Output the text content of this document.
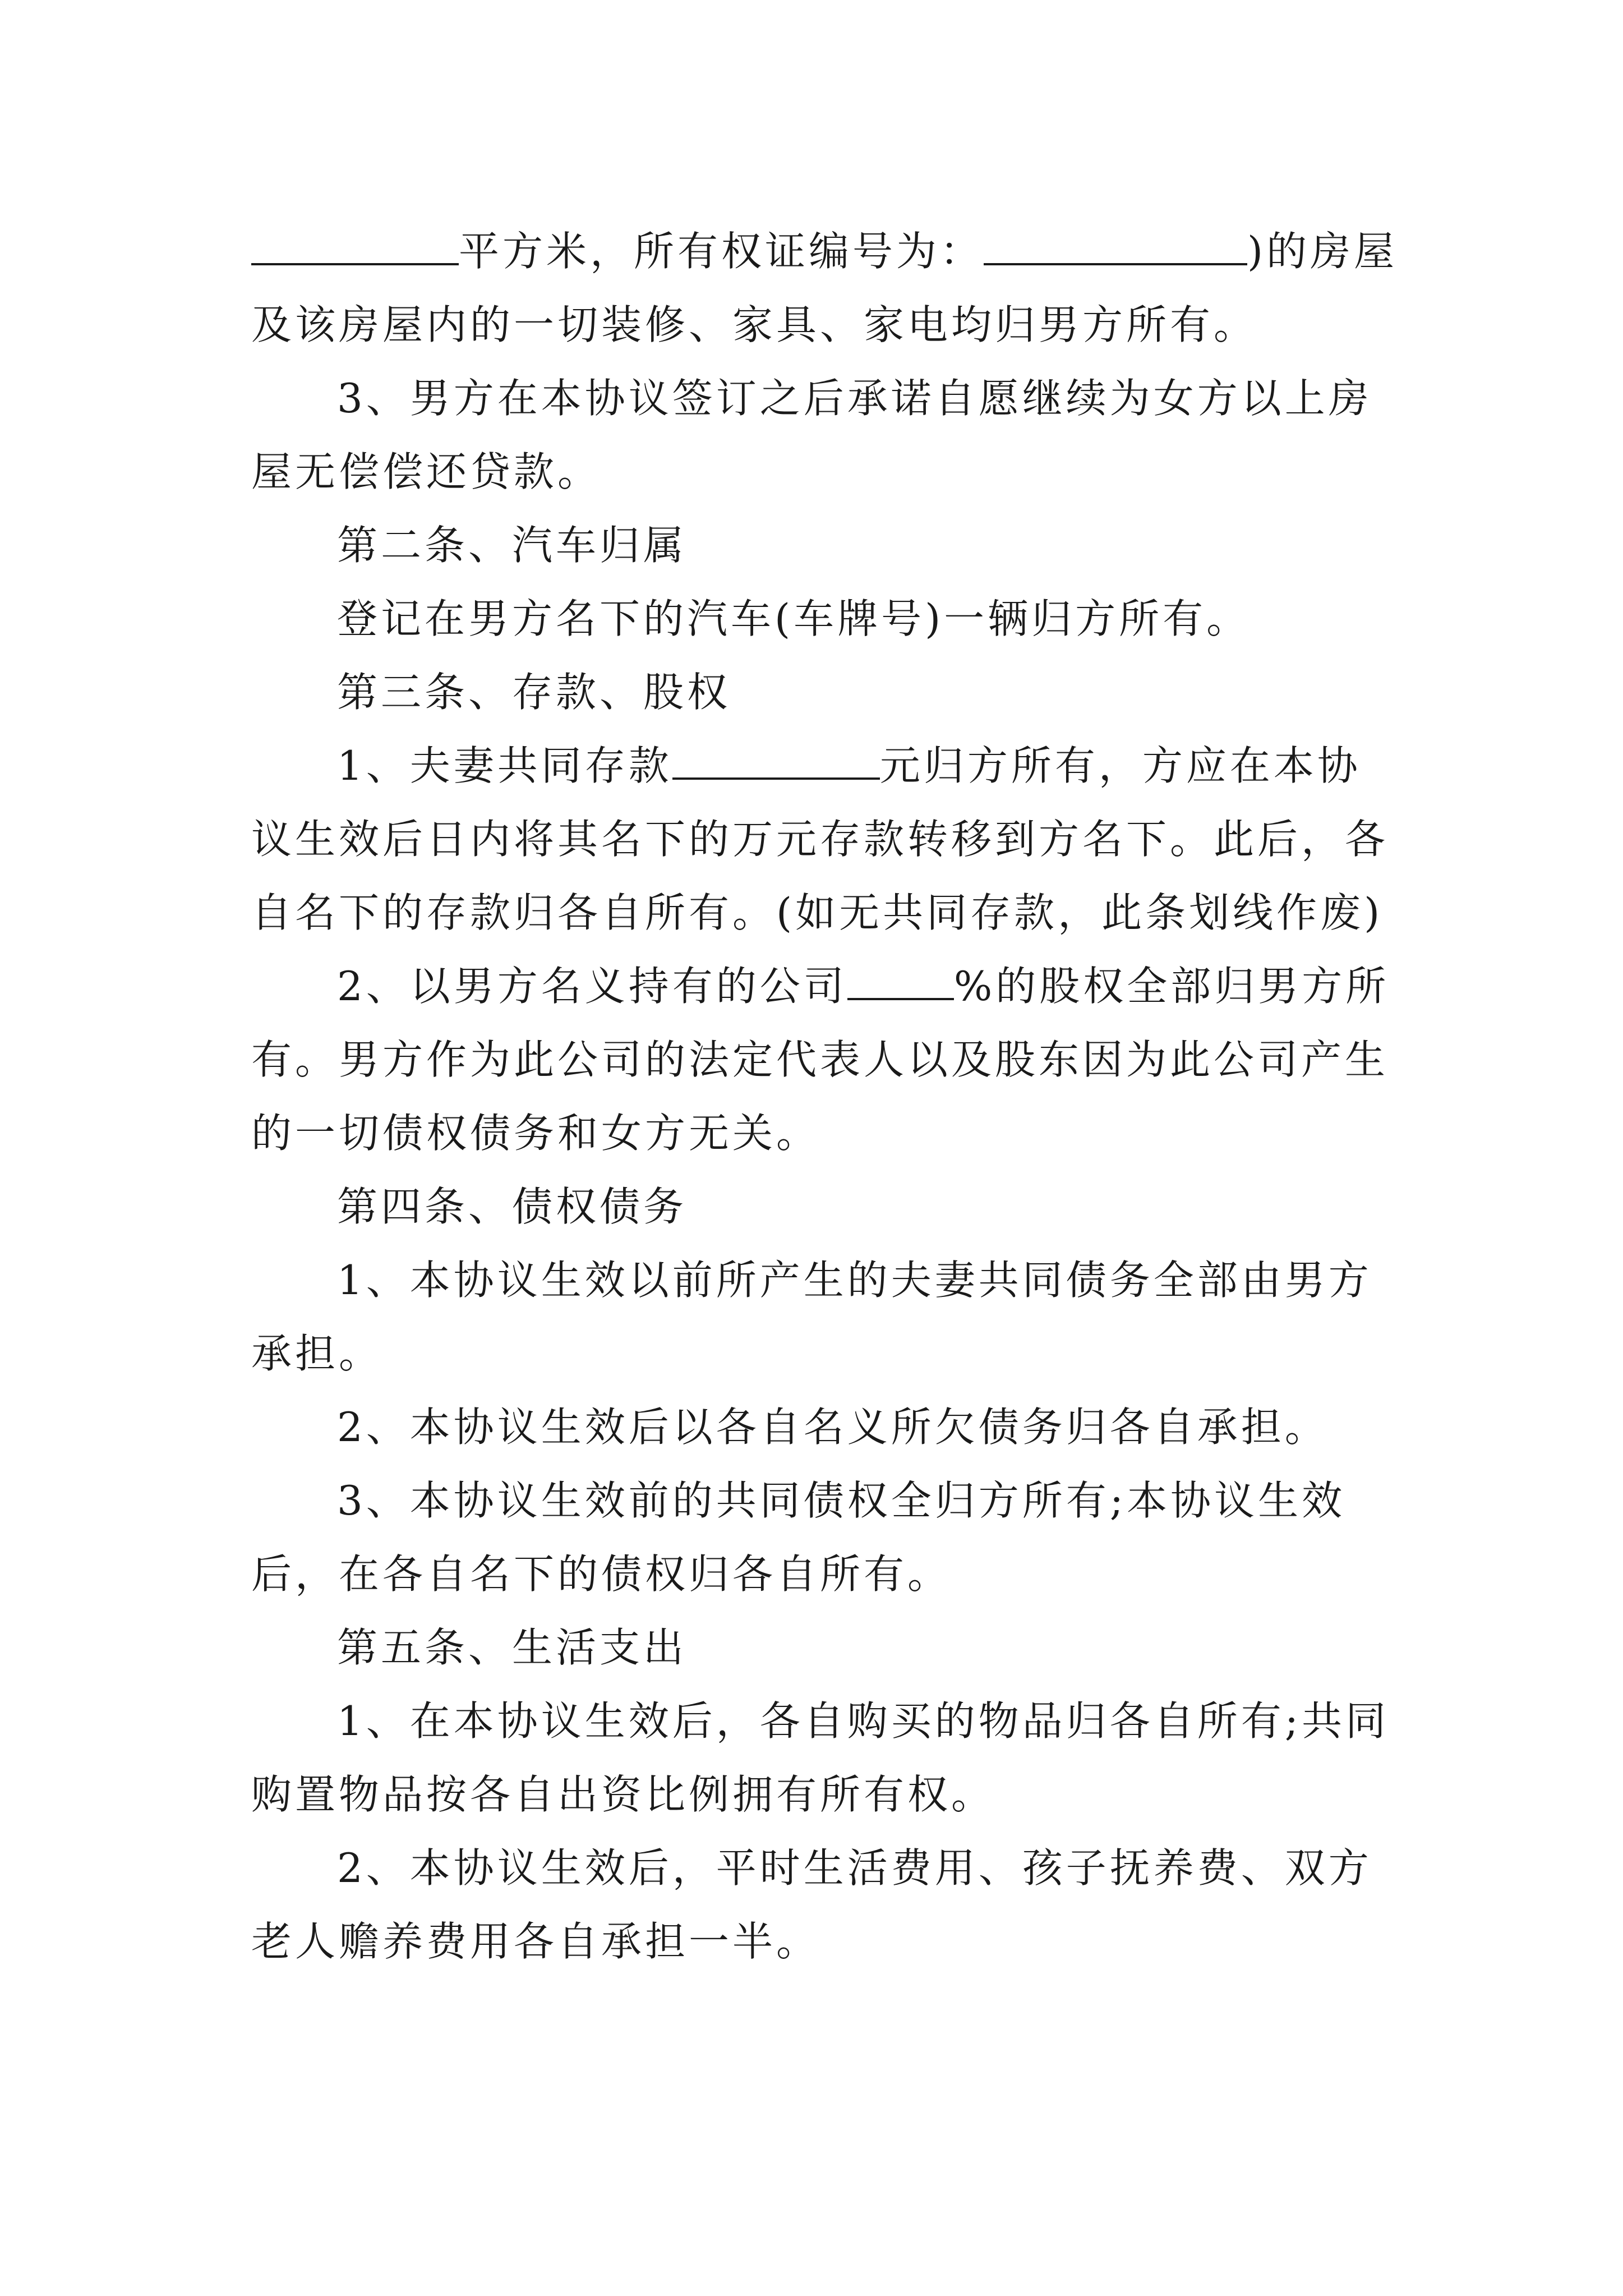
平方米，所有权证编号为：	)的房屋及该房屋内的一切装修、家具、家电均归男方所有。

3、男方在本协议签订之后承诺自愿继续为女方以上房屋无偿偿还贷款。

第二条、汽车归属

登记在男方名下的汽车(车牌号)一辆归方所有。

第三条、存款、股权

1、夫妻共同存款	元归方所有，方应在本协议生效后日内将其名下的万元存款转移到方名下。此后，各自名下的存款归各自所有。(如无共同存款，此条划线作废)

2、以男方名义持有的公司	%的股权全部归男方所有。男方作为此公司的法定代表人以及股东因为此公司产生的一切债权债务和女方无关。

第四条、债权债务

1、本协议生效以前所产生的夫妻共同债务全部由男方承担。

2、本协议生效后以各自名义所欠债务归各自承担。

3、本协议生效前的共同债权全归方所有;本协议生效后，在各自名下的债权归各自所有。

第五条、生活支出

1、在本协议生效后，各自购买的物品归各自所有;共同购置物品按各自出资比例拥有所有权。

2、本协议生效后，平时生活费用、孩子抚养费、双方老人赡养费用各自承担一半。
